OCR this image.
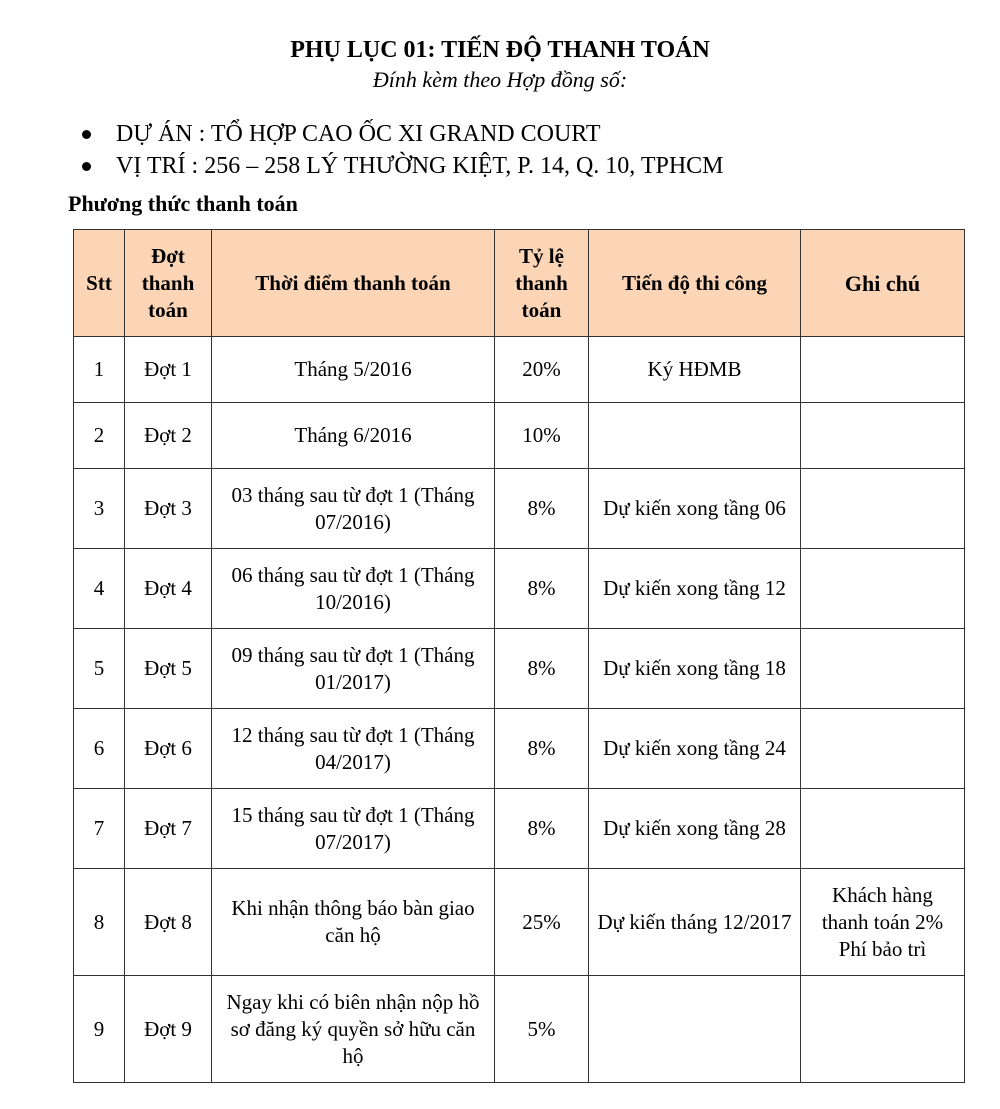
PHỤ LỤC 01: TIẾN ĐỘ THANH TOÁN
Đính kèm theo Hợp đồng số:
DỰ ÁN : TỔ HỢP CAO ỐC XI GRAND COURT
VỊ TRÍ : 256 – 258 LÝ THƯỜNG KIỆT, P. 14, Q. 10, TPHCM
Phương thức thanh toán
Stt	Đợt thanh toán	Thời điểm thanh toán	Tỷ lệ thanh toán	Tiến độ thi công	Ghi chú
1	Đợt 1	Tháng 5/2016	20%	Ký HĐMB	
2	Đợt 2	Tháng 6/2016	10%		
3	Đợt 3	03 tháng sau từ đợt 1 (Tháng 07/2016)	8%	Dự kiến xong tầng 06	
4	Đợt 4	06 tháng sau từ đợt 1 (Tháng 10/2016)	8%	Dự kiến xong tầng 12	
5	Đợt 5	09 tháng sau từ đợt 1 (Tháng 01/2017)	8%	Dự kiến xong tầng 18	
6	Đợt 6	12 tháng sau từ đợt 1 (Tháng 04/2017)	8%	Dự kiến xong tầng 24	
7	Đợt 7	15 tháng sau từ đợt 1 (Tháng 07/2017)	8%	Dự kiến xong tầng 28	
8	Đợt 8	Khi nhận thông báo bàn giao căn hộ	25%	Dự kiến tháng 12/2017	Khách hàng thanh toán 2% Phí bảo trì
9	Đợt 9	Ngay khi có biên nhận nộp hồ sơ đăng ký quyền sở hữu căn hộ	5%		
